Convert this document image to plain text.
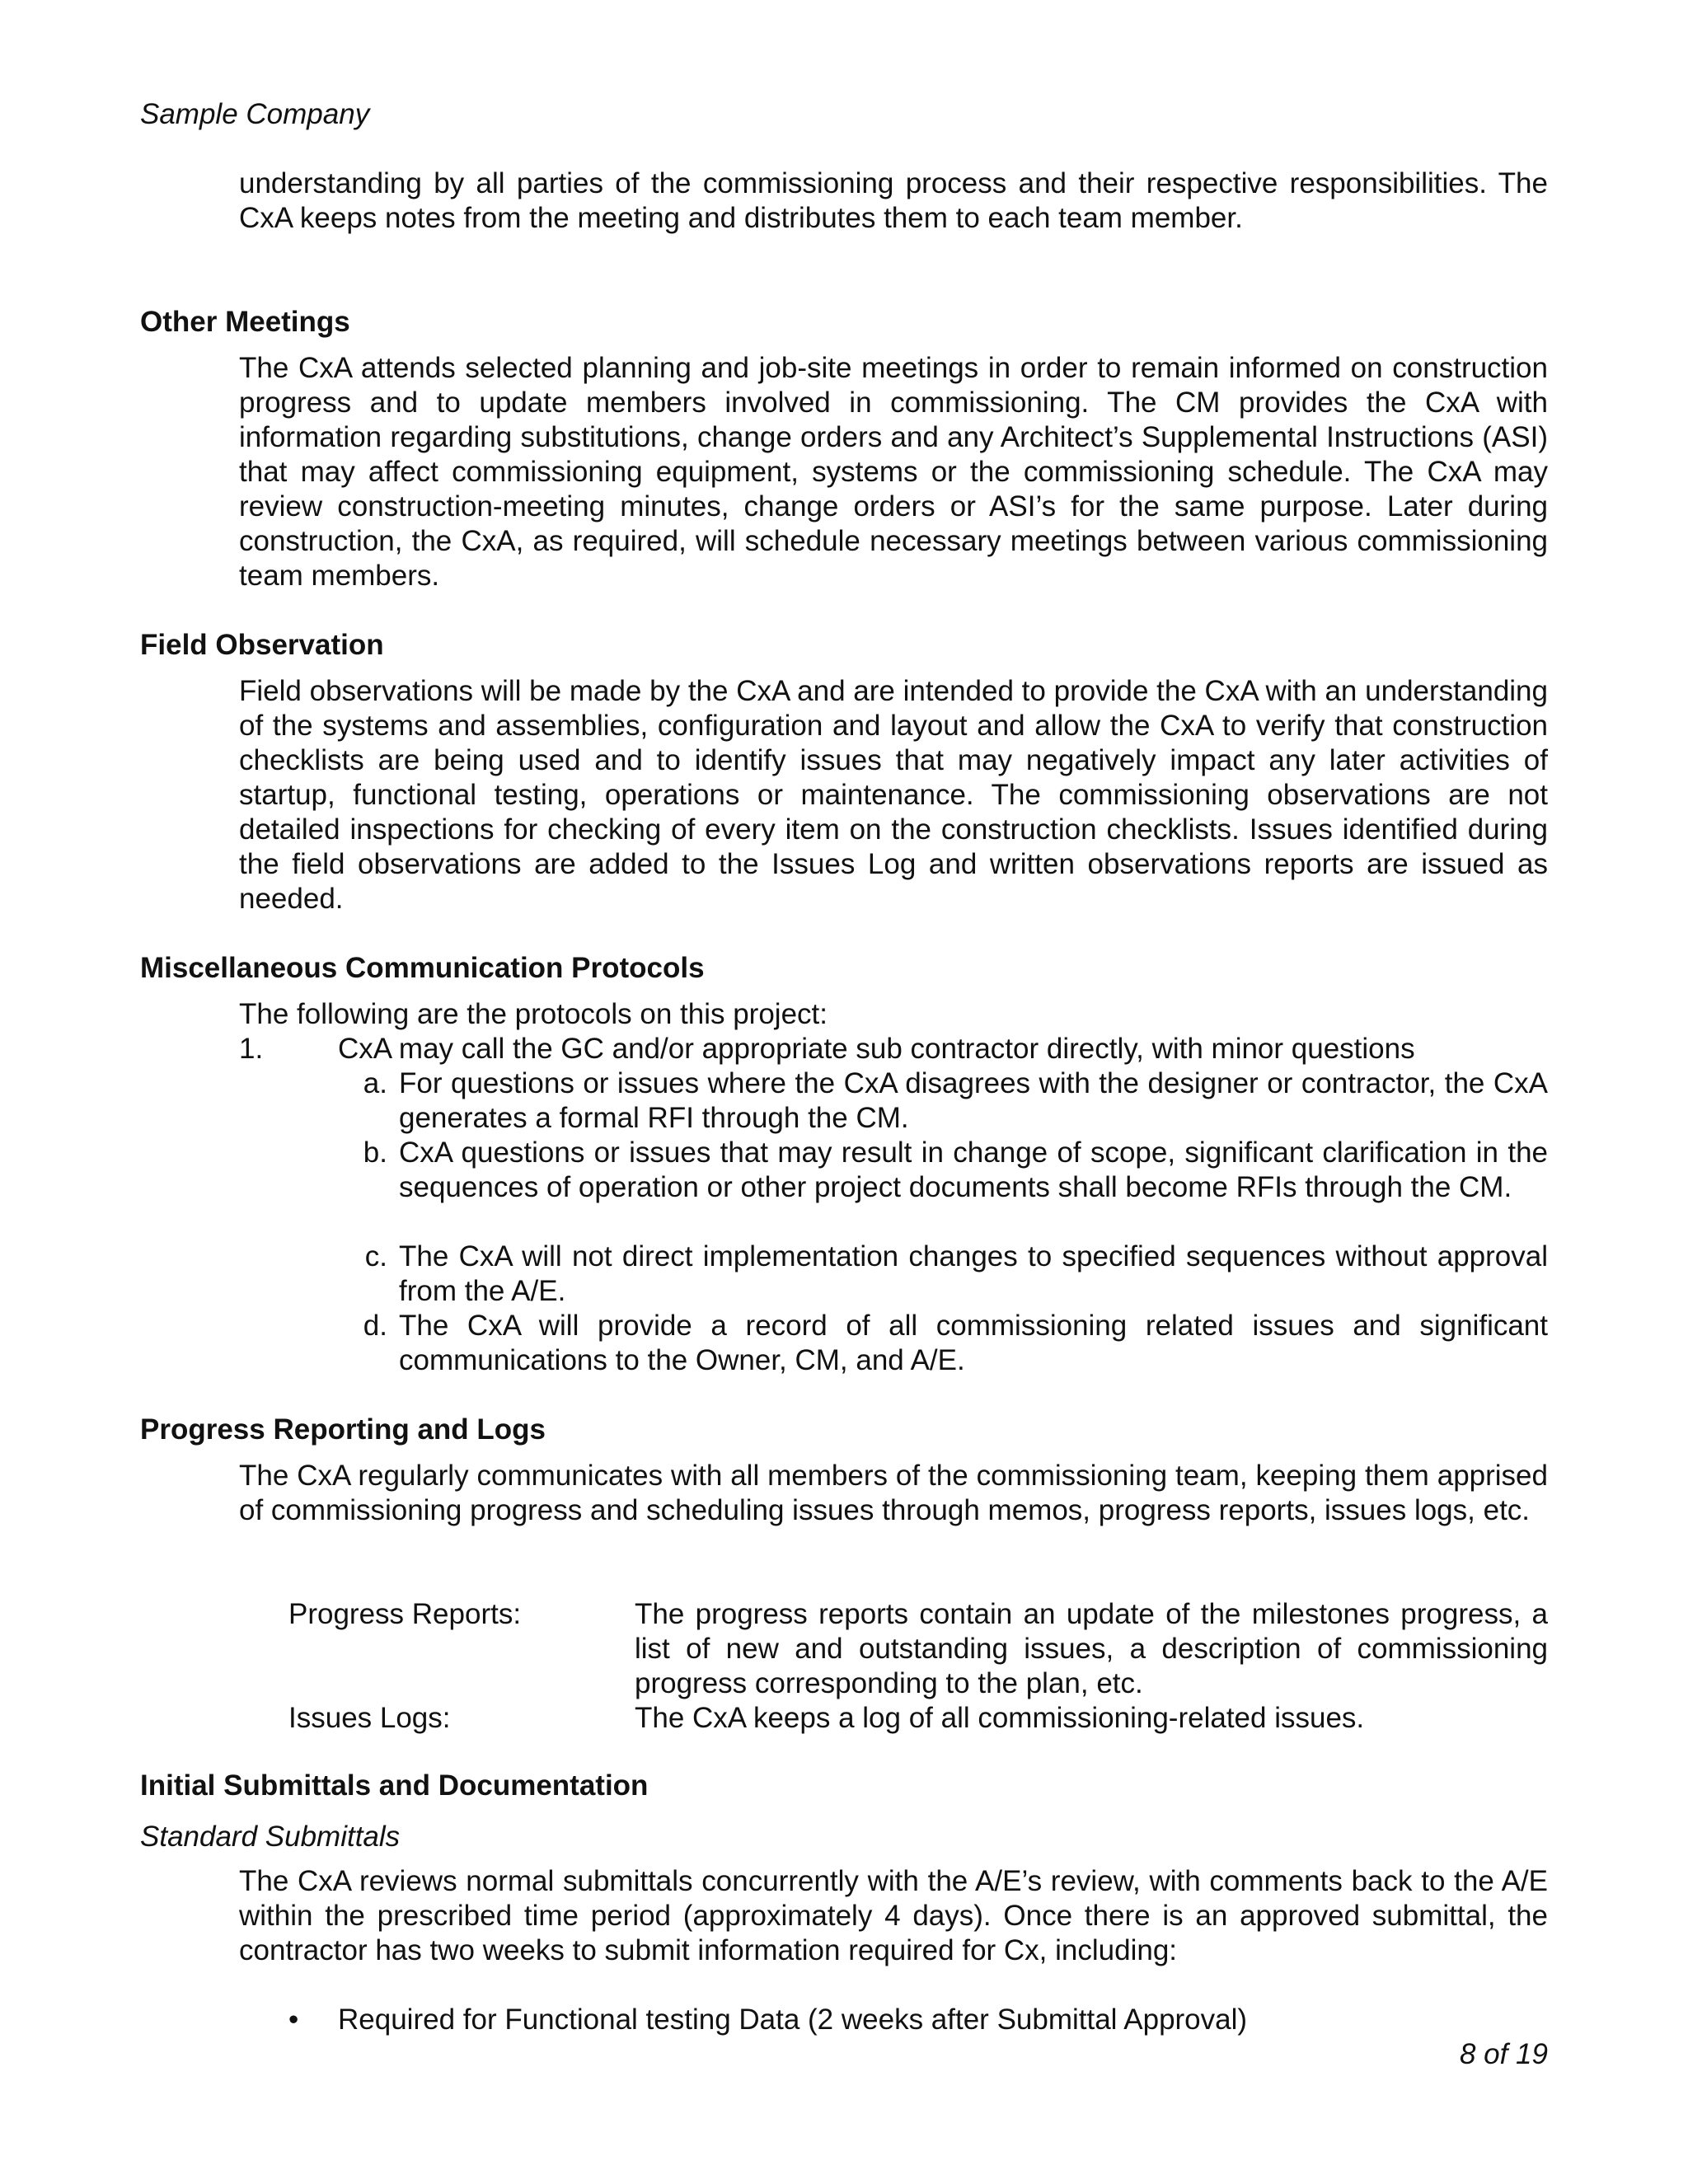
Sample Company

understanding by all parties of the commissioning process and their respective responsibilities. The CxA keeps notes from the meeting and distributes them to each team member.

Other Meetings

The CxA attends selected planning and job-site meetings in order to remain informed on construction progress and to update members involved in commissioning. The CM provides the CxA with information regarding substitutions, change orders and any Architect’s Supplemental Instructions (ASI) that may affect commissioning equipment, systems or the commissioning schedule. The CxA may review construction-meeting minutes, change orders or ASI’s for the same purpose. Later during construction, the CxA, as required, will schedule necessary meetings between various commissioning team members.

Field Observation

Field observations will be made by the CxA and are intended to provide the CxA with an understanding of the systems and assemblies, configuration and layout and allow the CxA to verify that construction checklists are being used and to identify issues that may negatively impact any later activities of startup, functional testing, operations or maintenance. The commissioning observations are not detailed inspections for checking of every item on the construction checklists. Issues identified during the field observations are added to the Issues Log and written observations reports are issued as needed.

Miscellaneous Communication Protocols

The following are the protocols on this project:

1.	CxA may call the GC and/or appropriate sub contractor directly, with minor questions
a. For questions or issues where the CxA disagrees with the designer or contractor, the CxA generates a formal RFI through the CM.
b. CxA questions or issues that may result in change of scope, significant clarification in the sequences of operation or other project documents shall become RFIs through the CM.
c. The CxA will not direct implementation changes to specified sequences without approval from the A/E.
d. The CxA will provide a record of all commissioning related issues and significant communications to the Owner, CM, and A/E.

Progress Reporting and Logs

The CxA regularly communicates with all members of the commissioning team, keeping them apprised of commissioning progress and scheduling issues through memos, progress reports, issues logs, etc.

Progress Reports:	The progress reports contain an update of the milestones progress, a list of new and outstanding issues, a description of commissioning progress corresponding to the plan, etc.
Issues Logs:	The CxA keeps a log of all commissioning-related issues.

Initial Submittals and Documentation

Standard Submittals

The CxA reviews normal submittals concurrently with the A/E’s review, with comments back to the A/E within the prescribed time period (approximately 4 days). Once there is an approved submittal, the contractor has two weeks to submit information required for Cx, including:

• Required for Functional testing Data (2 weeks after Submittal Approval)

8 of 19
